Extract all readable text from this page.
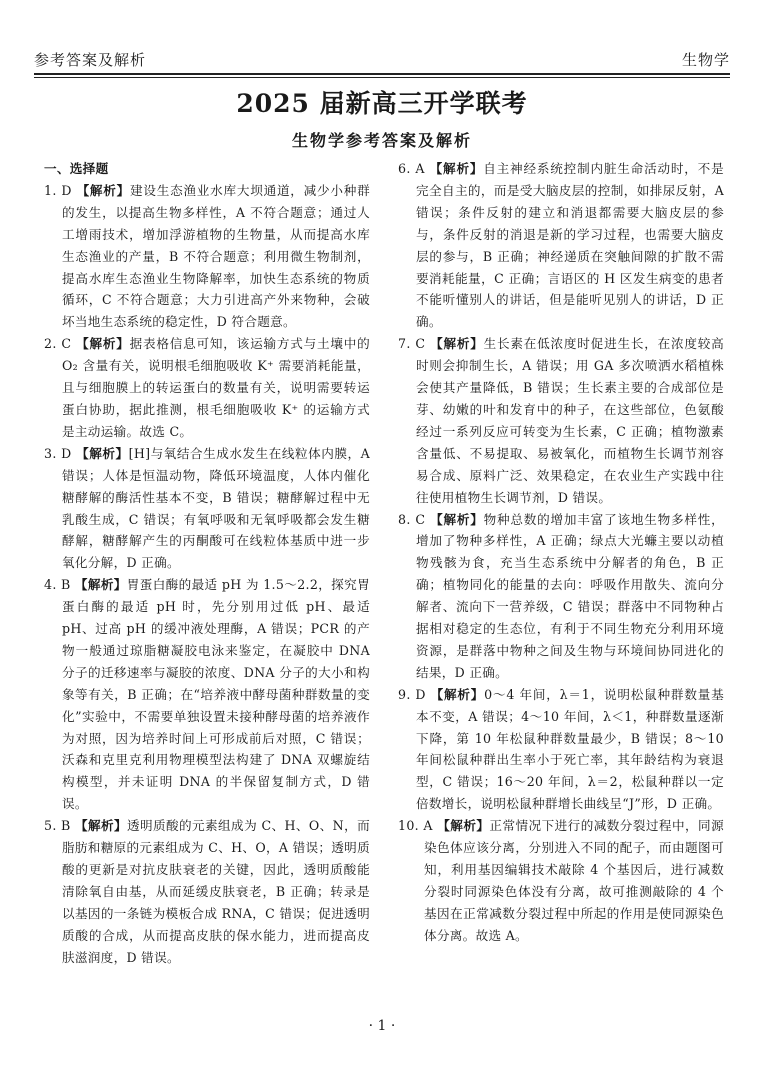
参考答案及解析	生物学
2025 届新高三开学联考
生物学参考答案及解析
一、选择题

1. D 【解析】建设生态渔业水库大坝通道，减少小种群的发生，以提高生物多样性，A 不符合题意；通过人工增雨技术，增加浮游植物的生物量，从而提高水库生态渔业的产量，B 不符合题意；利用微生物制剂，提高水库生态渔业生物降解率，加快生态系统的物质循环，C 不符合题意；大力引进高产外来物种，会破坏当地生态系统的稳定性，D 符合题意。

2. C 【解析】据表格信息可知，该运输方式与土壤中的O₂ 含量有关，说明根毛细胞吸收 K⁺ 需要消耗能量，且与细胞膜上的转运蛋白的数量有关，说明需要转运蛋白协助，据此推测，根毛细胞吸收 K⁺ 的运输方式是主动运输。故选 C。

3. D 【解析】[H]与氧结合生成水发生在线粒体内膜，A 错误；人体是恒温动物，降低环境温度，人体内催化糖酵解的酶活性基本不变，B 错误；糖酵解过程中无乳酸生成，C 错误；有氧呼吸和无氧呼吸都会发生糖酵解，糖酵解产生的丙酮酸可在线粒体基质中进一步氧化分解，D 正确。

4. B 【解析】胃蛋白酶的最适 pH 为 1.5～2.2，探究胃蛋白酶的最适 pH 时，先分别用过低 pH、最适 pH、过高 pH 的缓冲液处理酶，A 错误；PCR 的产物一般通过琼脂糖凝胶电泳来鉴定，在凝胶中 DNA 分子的迁移速率与凝胶的浓度、DNA 分子的大小和构象等有关，B 正确；在“培养液中酵母菌种群数量的变化”实验中，不需要单独设置未接种酵母菌的培养液作为对照，因为培养时间上可形成前后对照，C 错误；沃森和克里克利用物理模型法构建了 DNA 双螺旋结构模型，并未证明 DNA 的半保留复制方式，D 错误。

5. B 【解析】透明质酸的元素组成为 C、H、O、N，而脂肪和糖原的元素组成为 C、H、O，A 错误；透明质酸的更新是对抗皮肤衰老的关键，因此，透明质酸能清除氧自由基，从而延缓皮肤衰老，B 正确；转录是以基因的一条链为模板合成 RNA，C 错误；促进透明质酸的合成，从而提高皮肤的保水能力，进而提高皮肤滋润度，D 错误。

6. A 【解析】自主神经系统控制内脏生命活动时，不是完全自主的，而是受大脑皮层的控制，如排尿反射，A 错误；条件反射的建立和消退都需要大脑皮层的参与，条件反射的消退是新的学习过程，也需要大脑皮层的参与，B 正确；神经递质在突触间隙的扩散不需要消耗能量，C 正确；言语区的 H 区发生病变的患者不能听懂别人的讲话，但是能听见别人的讲话，D 正确。

7. C 【解析】生长素在低浓度时促进生长，在浓度较高时则会抑制生长，A 错误；用 GA 多次喷洒水稻植株会使其产量降低，B 错误；生长素主要的合成部位是芽、幼嫩的叶和发育中的种子，在这些部位，色氨酸经过一系列反应可转变为生长素，C 正确；植物激素含量低、不易提取、易被氧化，而植物生长调节剂容易合成、原料广泛、效果稳定，在农业生产实践中往往使用植物生长调节剂，D 错误。

8. C 【解析】物种总数的增加丰富了该地生物多样性，增加了物种多样性，A 正确；绿点大光蠊主要以动植物残骸为食，充当生态系统中分解者的角色，B 正确；植物同化的能量的去向：呼吸作用散失、流向分解者、流向下一营养级，C 错误；群落中不同物种占据相对稳定的生态位，有利于不同生物充分利用环境资源，是群落中物种之间及生物与环境间协同进化的结果，D 正确。

9. D 【解析】0～4 年间，λ＝1，说明松鼠种群数量基本不变，A 错误；4～10 年间，λ＜1，种群数量逐渐下降，第 10 年松鼠种群数量最少，B 错误；8～10 年间松鼠种群出生率小于死亡率，其年龄结构为衰退型，C 错误；16～20 年间，λ＝2，松鼠种群以一定倍数增长，说明松鼠种群增长曲线呈“J”形，D 正确。

10. A 【解析】正常情况下进行的减数分裂过程中，同源染色体应该分离，分别进入不同的配子，而由题图可知，利用基因编辑技术敲除 4 个基因后，进行减数分裂时同源染色体没有分离，故可推测敲除的 4 个基因在正常减数分裂过程中所起的作用是使同源染色体分离。故选 A。

· 1 ·
